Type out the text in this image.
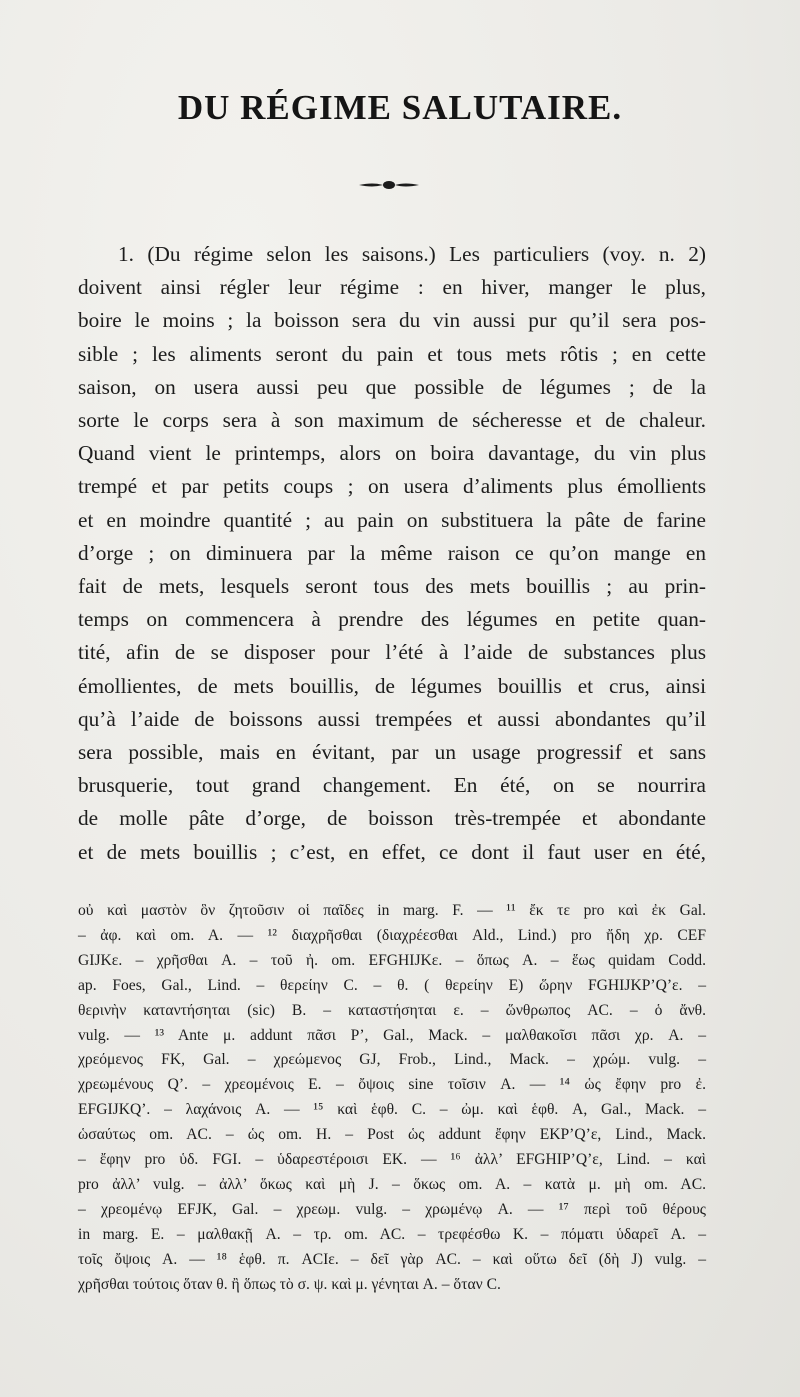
DU RÉGIME SALUTAIRE.
1. (Du régime selon les saisons.) Les particuliers (voy. n. 2)
doivent ainsi régler leur régime : en hiver, manger le plus,
boire le moins ; la boisson sera du vin aussi pur qu’il sera pos-
sible ; les aliments seront du pain et tous mets rôtis ; en cette
saison, on usera aussi peu que possible de légumes ; de la
sorte le corps sera à son maximum de sécheresse et de chaleur.
Quand vient le printemps, alors on boira davantage, du vin plus
trempé et par petits coups ; on usera d’aliments plus émollients
et en moindre quantité ; au pain on substituera la pâte de farine
d’orge ; on diminuera par la même raison ce qu’on mange en
fait de mets, lesquels seront tous des mets bouillis ; au prin-
temps on commencera à prendre des légumes en petite quan-
tité, afin de se disposer pour l’été à l’aide de substances plus
émollientes, de mets bouillis, de légumes bouillis et crus, ainsi
qu’à l’aide de boissons aussi trempées et aussi abondantes qu’il
sera possible, mais en évitant, par un usage progressif et sans
brusquerie, tout grand changement. En été, on se nourrira
de molle pâte d’orge, de boisson très-trempée et abondante
et de mets bouillis ; c’est, en effet, ce dont il faut user en été,
οὐ καὶ μαστὸν ὃν ζητοῦσιν οἱ παῖδες in marg. F. — ¹¹ ἔκ τε pro καὶ ἐκ Gal.
– ἀφ. καὶ om. A. — ¹² διαχρῆσθαι (διαχρέεσθαι Ald., Lind.) pro ἤδη χρ. CEF
GIJKε. – χρῆσθαι A. – τοῦ ἠ. om. EFGHIJKε. – ὅπως A. – ἕως quidam Codd.
ap. Foes, Gal., Lind. – θερείην C. – θ. ( θερείην E) ὥρην FGHIJKP’Q’ε. –
θερινὴν καταντήσηται (sic) B. – καταστήσηται ε. – ὥνθρωπος AC. – ὁ ἄνθ.
vulg. — ¹³ Ante μ. addunt πᾶσι P’, Gal., Mack. – μαλθακοῖσι πᾶσι χρ. A. –
χρεόμενος FK, Gal. – χρεώμενος GJ, Frob., Lind., Mack. – χρώμ. vulg. –
χρεωμένους Q’. – χρεομένοις E. – ὄψοις sine τοῖσιν A. — ¹⁴ ὡς ἔφην pro ἐ.
EFGIJKQ’. – λαχάνοις A. — ¹⁵ καὶ ἑφθ. C. – ὠμ. καὶ ἑφθ. A, Gal., Mack. –
ὡσαύτως om. AC. – ὡς om. H. – Post ὡς addunt ἔφην EKP’Q’ε, Lind., Mack.
– ἔφην pro ὑδ. FGI. – ὑδαρεστέροισι EK. — ¹⁶ ἀλλ’ EFGHIP’Q’ε, Lind. – καὶ
pro ἀλλ’ vulg. – ἀλλ’ ὅκως καὶ μὴ J. – ὅκως om. A. – κατὰ μ. μὴ om. AC.
– χρεομένῳ EFJK, Gal. – χρεωμ. vulg. – χρωμένῳ A. — ¹⁷ περὶ τοῦ θέρους
in marg. E. – μαλθακῇ A. – τρ. om. AC. – τρεφέσθω K. – πόματι ὑδαρεῖ A. –
τοῖς ὄψοις A. — ¹⁸ ἑφθ. π. ACIε. – δεῖ γὰρ AC. – καὶ οὕτω δεῖ (δὴ J) vulg. –
χρῆσθαι τούτοις ὅταν θ. ἢ ὅπως τὸ σ. ψ. καὶ μ. γένηται A. – ὅταν C.
